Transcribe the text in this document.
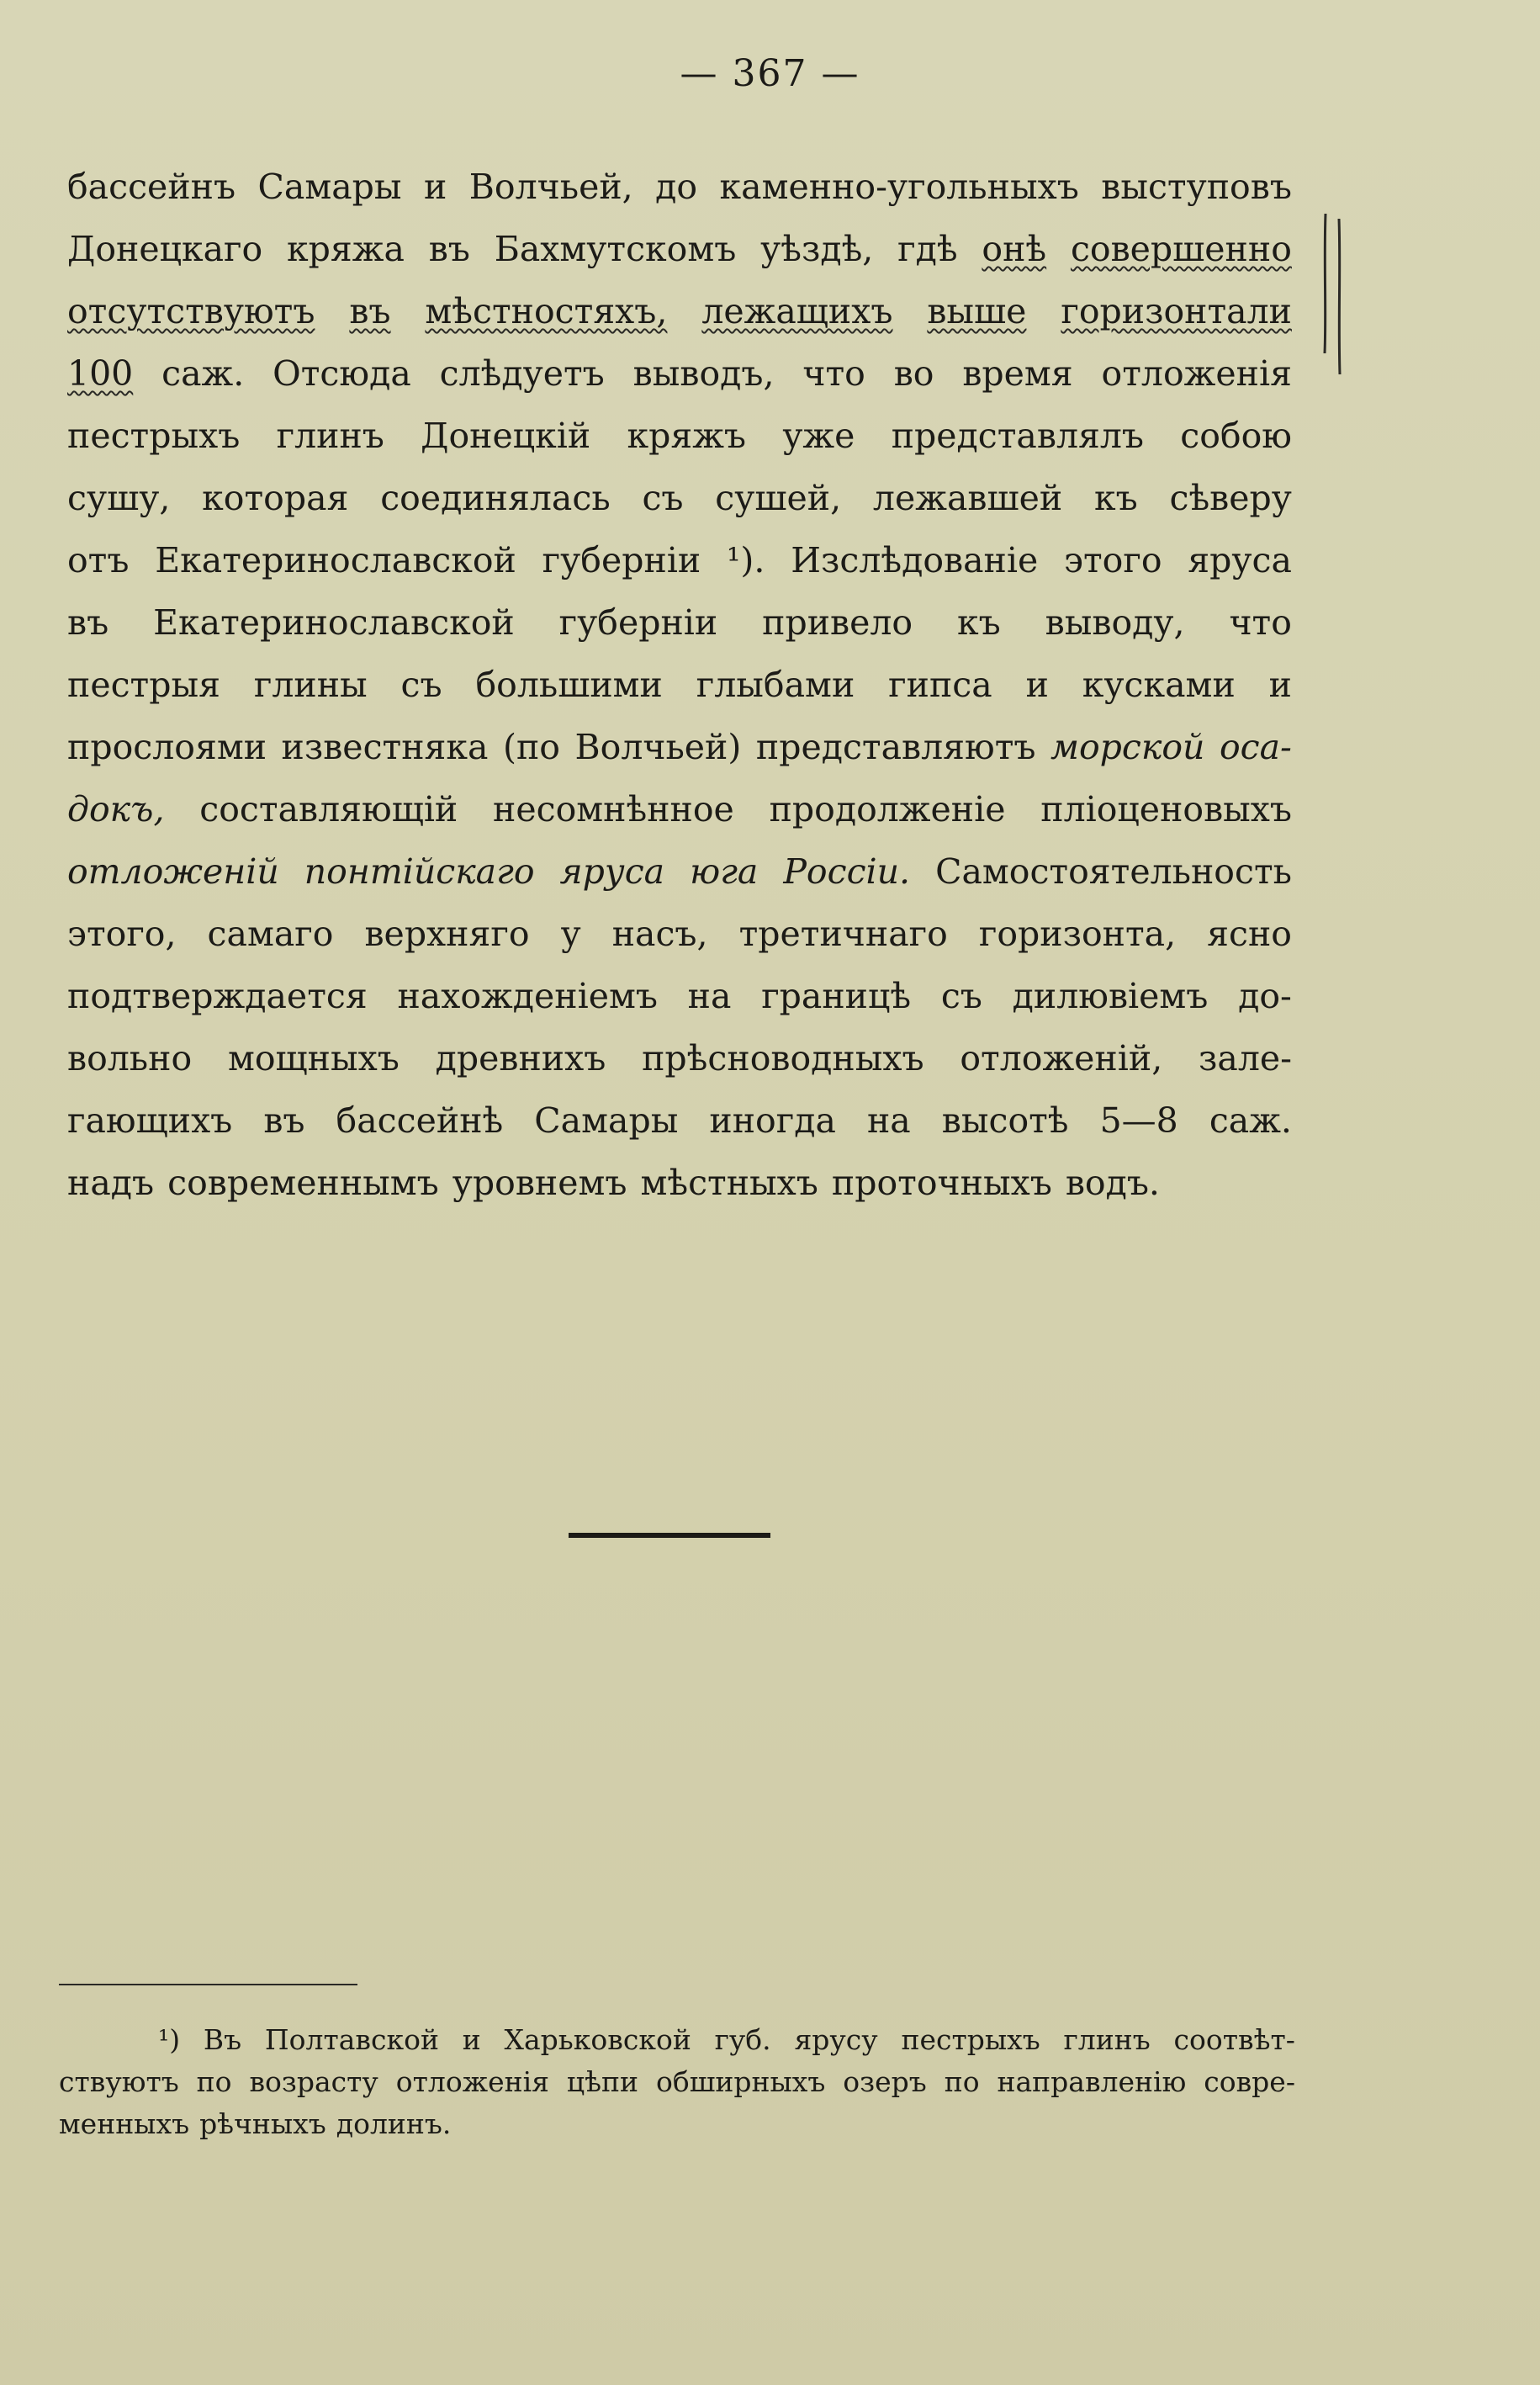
— 367 —
бассейнъ Самары и Волчьей, до каменно-угольныхъ выступовъ
Донецкаго кряжа въ Бахмутскомъ уѣздѣ, гдѣ онѣ совершенно
отсутствуютъ въ мѣстностяхъ, лежащихъ выше горизонтали
100 саж. Отсюда слѣдуетъ выводъ, что во время отложенія
пестрыхъ глинъ Донецкій кряжъ уже представлялъ собою
сушу, которая соединялась съ сушей, лежавшей къ сѣверу
отъ Екатеринославской губерніи ¹). Изслѣдованіе этого яруса
въ Екатеринославской губерніи привело къ выводу, что
пестрыя глины съ большими глыбами гипса и кусками и
прослоями известняка (по Волчьей) представляютъ морской осa-
докъ, составляющій несомнѣнное продолженіе пліоценовыхъ
отложеній понтійскаго яруса юга Россіи. Самостоятельность
этого, самаго верхняго у насъ, третичнаго горизонта, ясно
подтверждается нахожденіемъ на границѣ съ дилювіемъ до-
вольно мощныхъ древнихъ прѣсноводныхъ отложеній, зале-
гающихъ въ бассейнѣ Самары иногда на высотѣ 5—8 саж.
надъ современнымъ уровнемъ мѣстныхъ проточныхъ водъ.
¹) Въ Полтавской и Харьковской губ. ярусу пестрыхъ глинъ соотвѣт-
ствуютъ по возрасту отложенія цѣпи обширныхъ озеръ по направленію совре-
менныхъ рѣчныхъ долинъ.
